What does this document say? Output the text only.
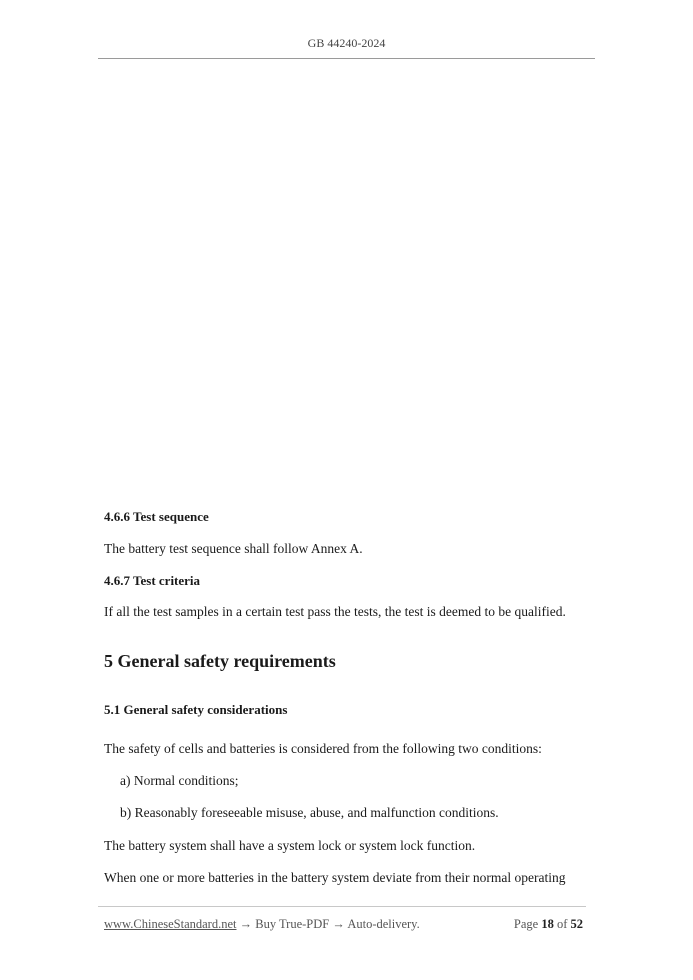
GB 44240-2024
4.6.6 Test sequence
The battery test sequence shall follow Annex A.
4.6.7 Test criteria
If all the test samples in a certain test pass the tests, the test is deemed to be qualified.
5 General safety requirements
5.1 General safety considerations
The safety of cells and batteries is considered from the following two conditions:
a) Normal conditions;
b) Reasonably foreseeable misuse, abuse, and malfunction conditions.
The battery system shall have a system lock or system lock function.
When one or more batteries in the battery system deviate from their normal operating
www.ChineseStandard.net → Buy True-PDF → Auto-delivery.	Page 18 of 52
